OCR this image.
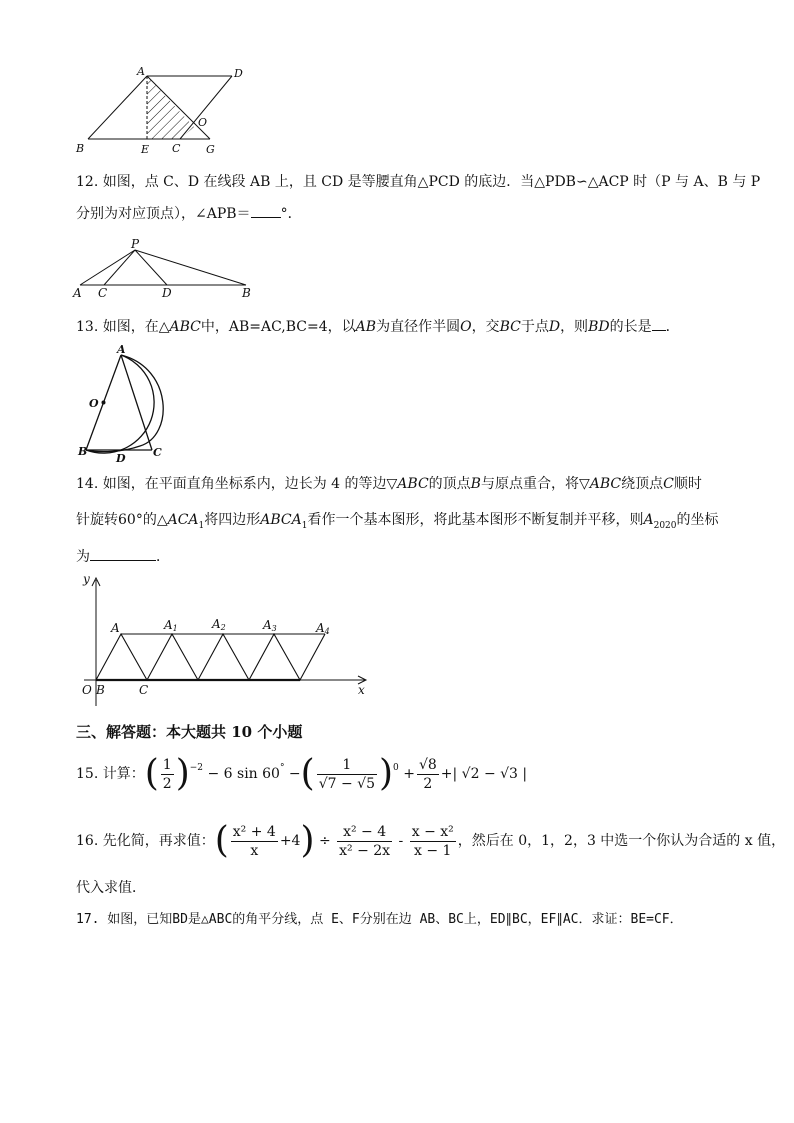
A	D
B	E C G
O
12. 如图，点 C、D 在线段 AB 上，且 CD 是等腰直角△PCD 的底边．当△PDB∽△ACP 时（P 与 A、B 与 P
分别为对应顶点），∠APB＝ °．
P
A C	D	B
13. 如图，在△ABC中，AB=AC,BC=4，以AB为直径作半圆O，交BC于点D，则BD的长是 ．
A
O
B
D C
14. 如图，在平面直角坐标系内，边长为 4 的等边▽ABC的顶点B与原点重合，将▽ABC绕顶点C顺时
针旋转60°的$\triangle ACA_1$将四边形$ABCA_1$看作一个基本图形，将此基本图形不断复制并平移，则$A_{2020}$的坐标
为	．
y
x
O B	C
A	A1	A2	A3	A4
三、解答题：本大题共 10 个小题
15. 计算：( $\frac{1}{2} )^{-2} - 6$ sin 60° −( $\frac{1}{√7 - √5} )^0 + \frac{√8}{2}$ +| √2 − √3 |
16. 先化简，再求值：( $\frac{\text{x² + 4}}{x} +4) \div \frac{\text{x² − 4}}{\text{x² − 2x}} - \frac{\text{x − x²}}{x - 1}$ ，然后在 0，1，2，3 中选一个你认为合适的 x 值，
代入求值．
17. 如图，已知BD是△ABC的角平分线，点 E、F分别在边 AB、BC上，ED∥BC，EF∥AC．求证：BE=CF．
